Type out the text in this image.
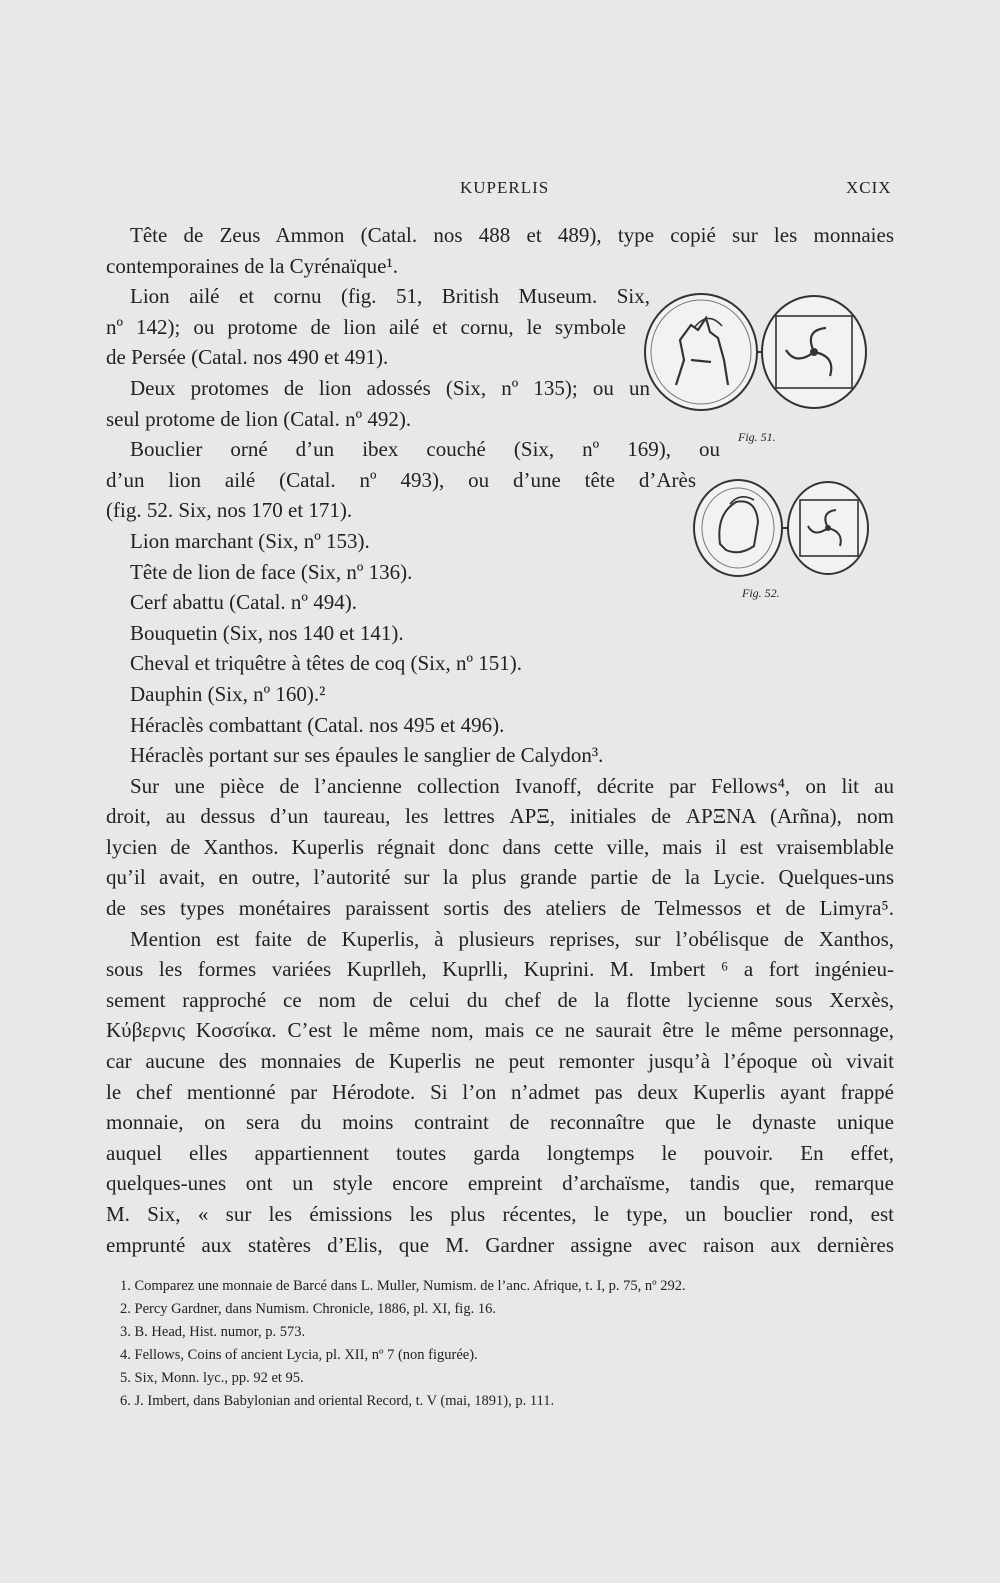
KUPERLIS	XCIX
Tête de Zeus Ammon (Catal. nos 488 et 489), type copié sur les monnaies
contemporaines de la Cyrénaïque¹.
Lion ailé et cornu (fig. 51, British Museum. Six,
nº 142); ou protome de lion ailé et cornu, le symbole
de Persée (Catal. nos 490 et 491).
Deux protomes de lion adossés (Six, nº 135); ou un
seul protome de lion (Catal. nº 492).
Bouclier orné d’un ibex couché (Six, nº 169), ou
d’un lion ailé (Catal. nº 493), ou d’une tête d’Arès
(fig. 52. Six, nos 170 et 171).
Lion marchant (Six, nº 153).
Tête de lion de face (Six, nº 136).
Cerf abattu (Catal. nº 494).
Bouquetin (Six, nos 140 et 141).
Cheval et triquêtre à têtes de coq (Six, nº 151).
Dauphin (Six, nº 160).²
Héraclès combattant (Catal. nos 495 et 496).
Héraclès portant sur ses épaules le sanglier de Calydon³.
Sur une pièce de l’ancienne collection Ivanoff, décrite par Fellows⁴, on lit au
droit, au dessus d’un taureau, les lettres ΑΡΞ, initiales de ΑΡΞΝΑ (Arñna), nom
lycien de Xanthos. Kuperlis régnait donc dans cette ville, mais il est vraisemblable
qu’il avait, en outre, l’autorité sur la plus grande partie de la Lycie. Quelques-uns
de ses types monétaires paraissent sortis des ateliers de Telmessos et de Limyra⁵.
Mention est faite de Kuperlis, à plusieurs reprises, sur l’obélisque de Xanthos,
sous les formes variées Kuprlleh, Kuprlli, Kuprini. M. Imbert ⁶ a fort ingénieu-
sement rapproché ce nom de celui du chef de la flotte lycienne sous Xerxès,
Κύβερνις Κοσσίκα. C’est le même nom, mais ce ne saurait être le même personnage,
car aucune des monnaies de Kuperlis ne peut remonter jusqu’à l’époque où vivait
le chef mentionné par Hérodote. Si l’on n’admet pas deux Kuperlis ayant frappé
monnaie, on sera du moins contraint de reconnaître que le dynaste unique
auquel elles appartiennent toutes garda longtemps le pouvoir. En effet,
quelques-unes ont un style encore empreint d’archaïsme, tandis que, remarque
M. Six, « sur les émissions les plus récentes, le type, un bouclier rond, est
emprunté aux statères d’Elis, que M. Gardner assigne avec raison aux dernières
Fig. 51.
Fig. 52.
1. Comparez une monnaie de Barcé dans L. Muller, Numism. de l’anc. Afrique, t. I, p. 75, nº 292.
2. Percy Gardner, dans Numism. Chronicle, 1886, pl. XI, fig. 16.
3. B. Head, Hist. numor, p. 573.
4. Fellows, Coins of ancient Lycia, pl. XII, nº 7 (non figurée).
5. Six, Monn. lyc., pp. 92 et 95.
6. J. Imbert, dans Babylonian and oriental Record, t. V (mai, 1891), p. 111.
